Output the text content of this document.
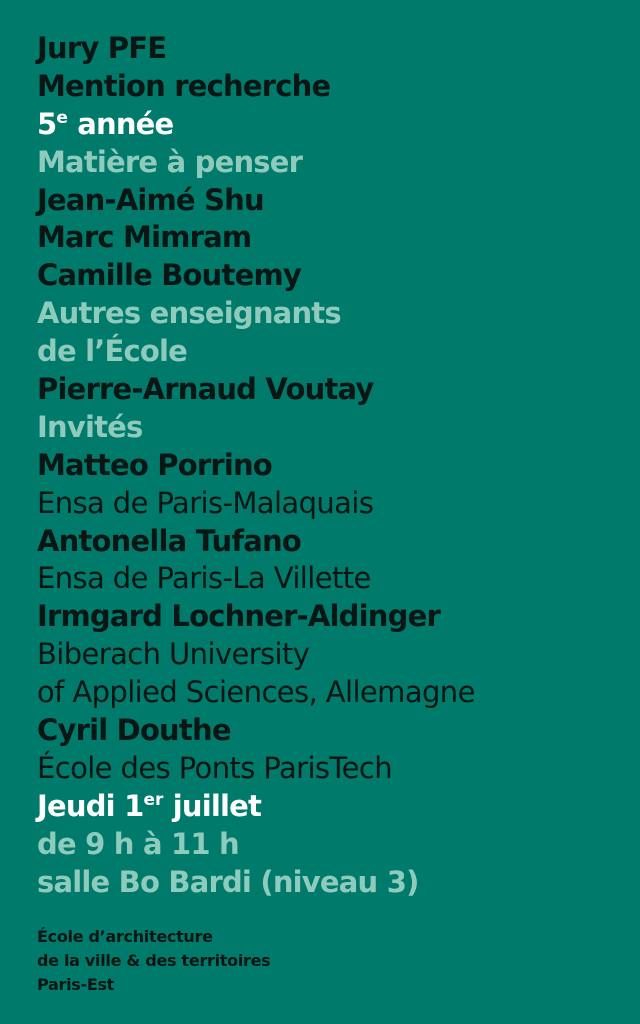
Jury PFE
Mention recherche
5e année
Matière à penser
Jean-Aimé Shu
Marc Mimram
Camille Boutemy
Autres enseignants
de l’École
Pierre-Arnaud Voutay
Invités
Matteo Porrino
Ensa de Paris-Malaquais
Antonella Tufano
Ensa de Paris-La Villette
Irmgard Lochner-Aldinger
Biberach University
of Applied Sciences, Allemagne
Cyril Douthe
École des Ponts ParisTech
Jeudi 1er juillet
de 9 h à 11 h
salle Bo Bardi (niveau 3)
École d’architecture
de la ville & des territoires
Paris-Est
